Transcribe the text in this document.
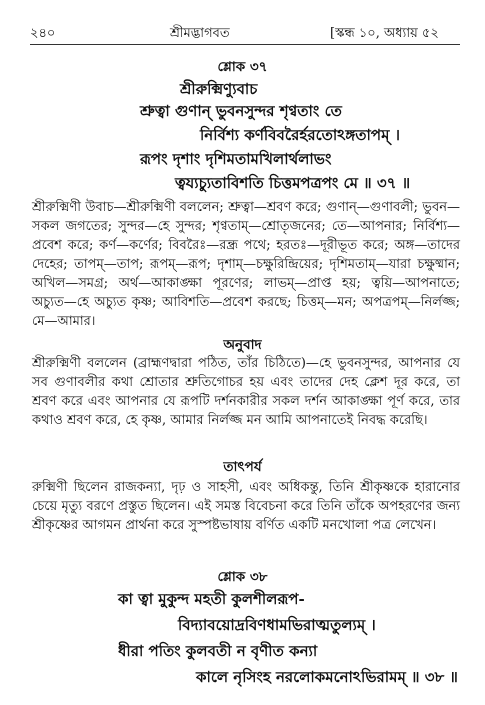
২৪০	শ্রীমদ্ভাগবত	[স্কন্ধ ১০, অধ্যায় ৫২
শ্লোক ৩৭
শ্রীরুক্মিণ্যুবাচ
শ্রুত্বা গুণান্‌ ভুবনসুন্দর শৃণ্বতাং তে
নির্বিশ্য কর্ণবিবরৈর্হরতোঽঙ্গতাপম্‌ ।
রূপং দৃশাং দৃশিমতামখিলার্থলাভং
ত্বয্যচ্যুতাবিশতি চিত্তমপত্রপং মে ॥ ৩৭ ॥
শ্রীরুক্মিণী উবাচ—শ্রীরুক্মিণী বললেন; শ্রুত্বা—শ্রবণ করে; গুণান্‌—গুণাবলী; ভুবন—সকল জগতের; সুন্দর—হে সুন্দর; শৃণ্বতাম্‌—শ্রোতৃজনের; তে—আপনার; নির্বিশ্য—প্রবেশ করে; কর্ণ—কর্ণের; বিবরৈঃ—রন্ধ্র পথে; হরতঃ—দূরীভূত করে; অঙ্গ—তাদের দেহের; তাপম্‌—তাপ; রূপম্‌—রূপ; দৃশাম্‌—চক্ষুরিন্দ্রিয়ের; দৃশিমতাম্‌—যারা চক্ষুষ্মান; অখিল—সমগ্র; অর্থ—আকাঙ্ক্ষা পূরণের; লাভম্‌—প্রাপ্ত হয়; ত্বয়ি—আপনাতে; অচ্যুত—হে অচ্যুত কৃষ্ণ; আবিশতি—প্রবেশ করছে; চিত্তম্‌—মন; অপত্রপম্‌—নির্লজ্জ; মে—আমার।
অনুবাদ
শ্রীরুক্মিণী বললেন (ব্রাহ্মণদ্বারা পঠিত, তাঁর চিঠিতে)—হে ভুবনসুন্দর, আপনার যে সব গুণাবলীর কথা শ্রোতার শ্রুতিগোচর হয় এবং তাদের দেহ ক্লেশ দূর করে, তা শ্রবণ করে এবং আপনার যে রূপটি দর্শনকারীর সকল দর্শন আকাঙ্ক্ষা পূর্ণ করে, তার কথাও শ্রবণ করে, হে কৃষ্ণ, আমার নির্লজ্জ মন আমি আপনাতেই নিবদ্ধ করেছি।
তাৎপর্য
রুক্মিণী ছিলেন রাজকন্যা, দৃঢ় ও সাহসী, এবং অধিকন্তু, তিনি শ্রীকৃষ্ণকে হারানোর চেয়ে মৃত্যু বরণে প্রস্তুত ছিলেন। এই সমস্ত বিবেচনা করে তিনি তাঁকে অপহরণের জন্য শ্রীকৃষ্ণের আগমন প্রার্থনা করে সুস্পষ্টভাষায় বর্ণিত একটি মনখোলা পত্র লেখেন।
শ্লোক ৩৮
কা ত্বা মুকুন্দ মহতী কুলশীলরূপ-
বিদ্যাবয়োদ্রবিণধামভিরাত্মতুল্যম্‌ ।
ধীরা পতিং কুলবতী ন বৃণীত কন্যা
কালে নৃসিংহ নরলোকমনোঽভিরামম্‌ ॥ ৩৮ ॥
